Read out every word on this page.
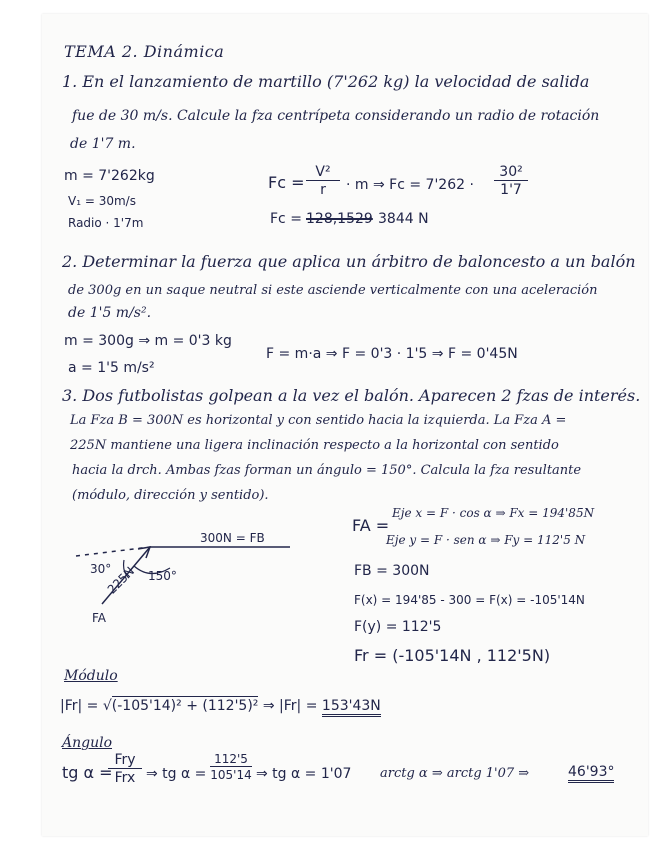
TEMA 2. Dinámica
1. En el lanzamiento de martillo (7'262 kg) la velocidad de salida
fue de 30 m/s. Calcule la fza centrípeta considerando un radio de rotación
de 1'7 m.
m = 7'262kg
V₁ = 30m/s
Radio · 1'7m
$Fc = \frac{\text{V²}}{r} \cdot m$ ⇒ $Fc = 7'262 \cdot \frac{\text{30²}}{1'7}$
Fc = 128,1529 3844 N
2. Determinar la fuerza que aplica un árbitro de baloncesto a un balón
de 300g en un saque neutral si este asciende verticalmente con una aceleración
de 1'5 m/s².
m = 300g ⇒ m = 0'3 kg
a = 1'5 m/s²
F = m·a ⇒ F = 0'3 · 1'5 ⇒ F = 0'45N
3. Dos futbolistas golpean a la vez el balón. Aparecen 2 fzas de interés.
La Fza B = 300N es horizontal y con sentido hacia la izquierda. La Fza A =
225N mantiene una ligera inclinación respecto a la horizontal con sentido
hacia la drch. Ambas fzas forman un ángulo = 150°. Calcula la fza resultante
(módulo, dirección y sentido).
300N = FB
30°	150°
225N
FA
FA =
Eje x = F · cos α ⇒ Fx = 194'85N
Eje y = F · sen α ⇒ Fy = 112'5 N
FB = 300N
F(x) = 194'85 - 300 = F(x) = -105'14N
F(y) = 112'5
Fr = (-105'14N , 112'5N)
Módulo
|Fr| = √(-105'14)² + (112'5)² ⇒ |Fr| = 153'43N
Ángulo
tg α =
Fry
Frx ⇒ tg $\alpha = \frac{112'5}{105'14}$ ⇒ tg α = 1'07 arctg α ⇒ arctg 1'07 ⇒	46'93°
